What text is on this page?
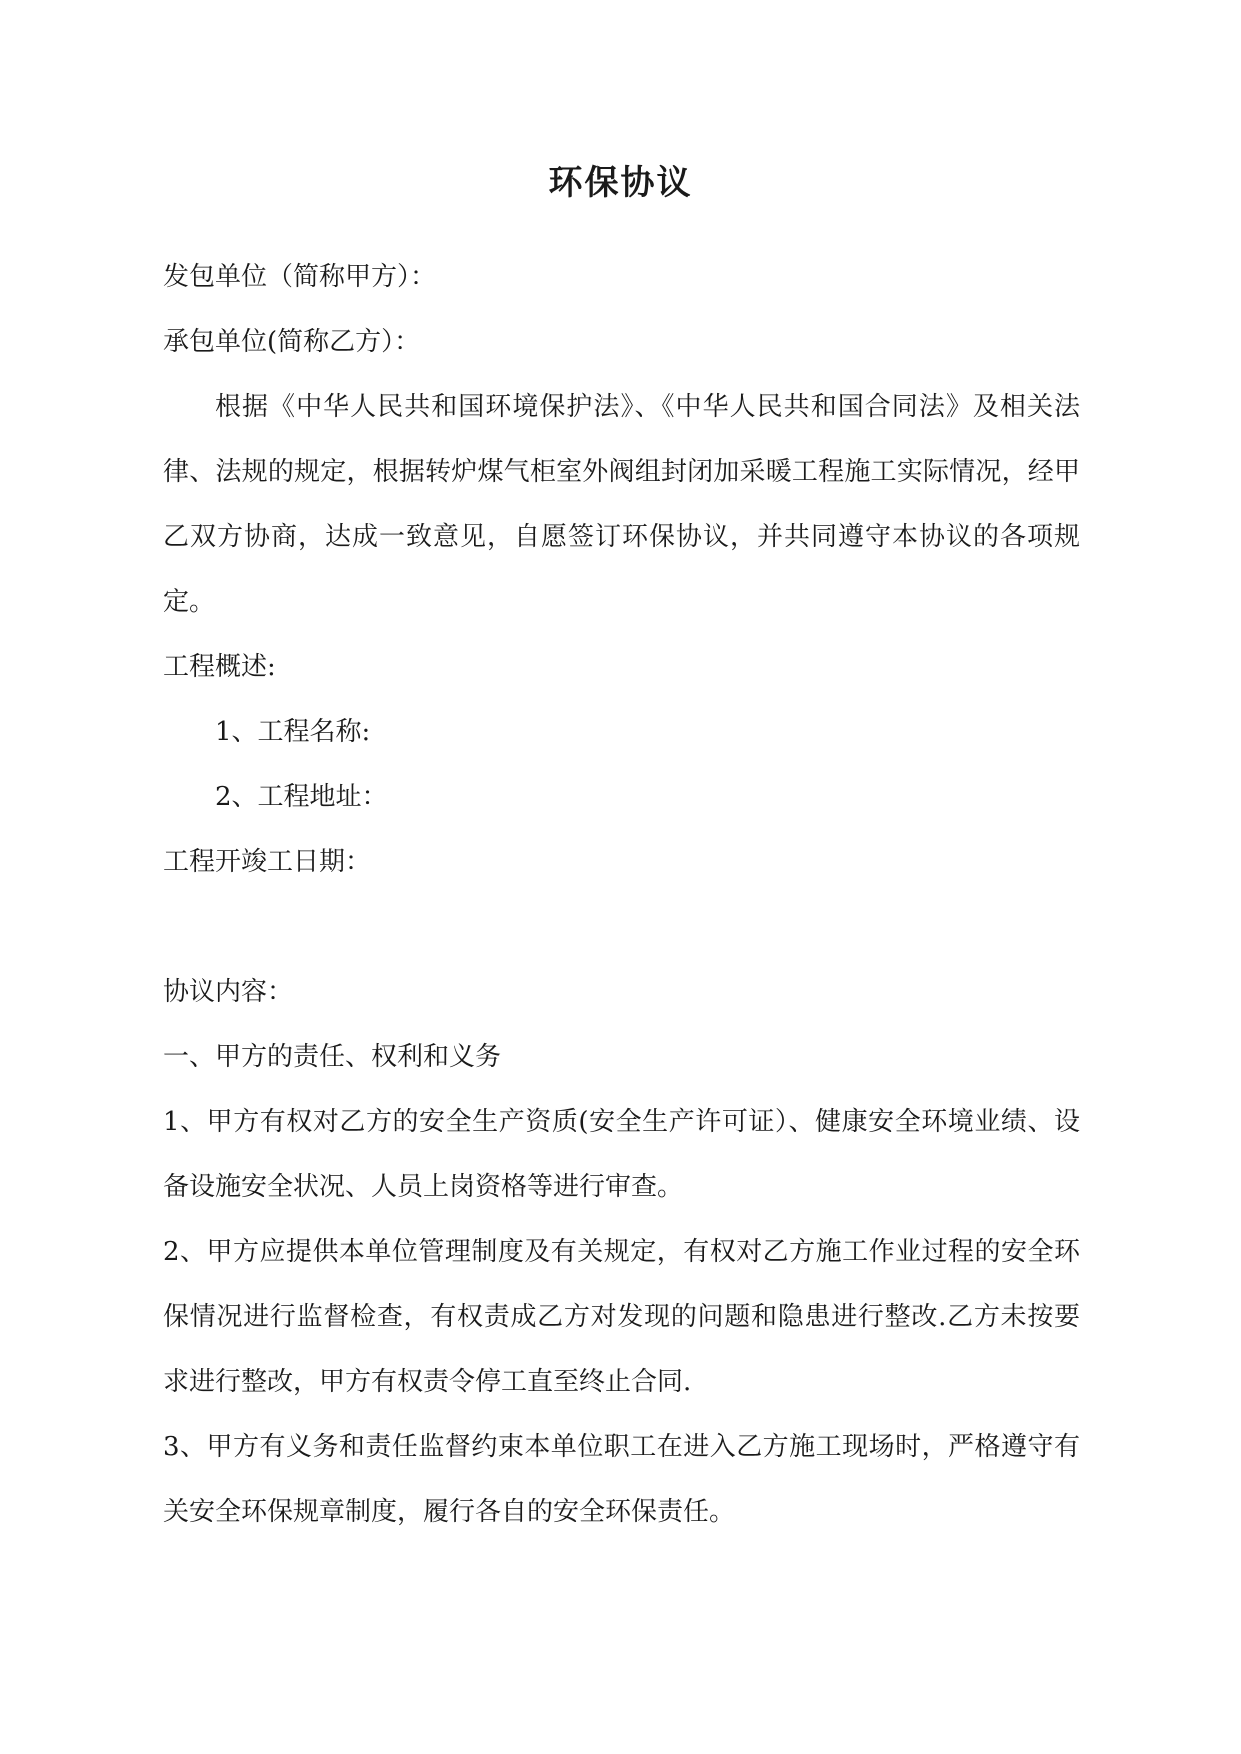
环保协议
发包单位（简称甲方）：
承包单位(简称乙方）：
根据《中华人民共和国环境保护法》、《中华人民共和国合同法》及相关法律、法规的规定，根据转炉煤气柜室外阀组封闭加采暖工程施工实际情况，经甲乙双方协商，达成一致意见，自愿签订环保协议，并共同遵守本协议的各项规定。
工程概述:
1、工程名称:
2、工程地址：
工程开竣工日期：
协议内容：
一、甲方的责任、权利和义务
1、甲方有权对乙方的安全生产资质(安全生产许可证）、健康安全环境业绩、设备设施安全状况、人员上岗资格等进行审查。
2、甲方应提供本单位管理制度及有关规定，有权对乙方施工作业过程的安全环保情况进行监督检查，有权责成乙方对发现的问题和隐患进行整改.乙方未按要求进行整改，甲方有权责令停工直至终止合同.
3、甲方有义务和责任监督约束本单位职工在进入乙方施工现场时，严格遵守有关安全环保规章制度，履行各自的安全环保责任。
